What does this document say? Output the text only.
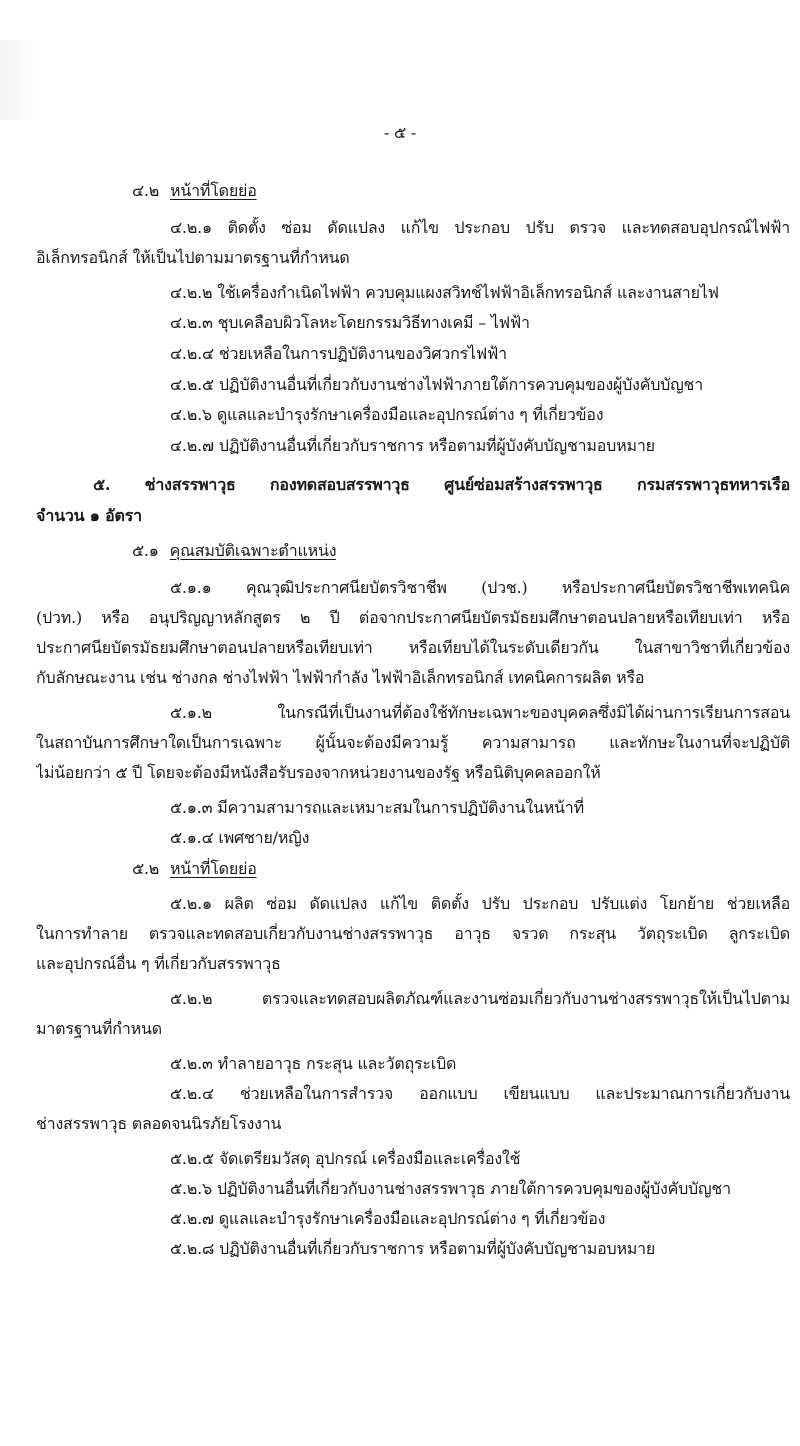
- ๕ -
๔.๒ หน้าที่โดยย่อ
๔.๒.๑ ติดตั้ง ซ่อม ดัดแปลง แก้ไข ประกอบ ปรับ ตรวจ และทดสอบอุปกรณ์ไฟฟ้า
อิเล็กทรอนิกส์ ให้เป็นไปตามมาตรฐานที่กำหนด
๔.๒.๒ ใช้เครื่องกำเนิดไฟฟ้า ควบคุมแผงสวิทช์ไฟฟ้าอิเล็กทรอนิกส์ และงานสายไฟ
๔.๒.๓ ชุบเคลือบผิวโลหะโดยกรรมวิธีทางเคมี – ไฟฟ้า
๔.๒.๔ ช่วยเหลือในการปฏิบัติงานของวิศวกรไฟฟ้า
๔.๒.๕ ปฏิบัติงานอื่นที่เกี่ยวกับงานช่างไฟฟ้าภายใต้การควบคุมของผู้บังคับบัญชา
๔.๒.๖ ดูแลและบำรุงรักษาเครื่องมือและอุปกรณ์ต่าง ๆ ที่เกี่ยวข้อง
๔.๒.๗ ปฏิบัติงานอื่นที่เกี่ยวกับราชการ หรือตามที่ผู้บังคับบัญชามอบหมาย
๕. ช่างสรรพาวุธ กองทดสอบสรรพาวุธ ศูนย์ซ่อมสร้างสรรพาวุธ กรมสรรพาวุธทหารเรือ
จำนวน ๑ อัตรา
๕.๑ คุณสมบัติเฉพาะตำแหน่ง
๕.๑.๑ คุณวุฒิประกาศนียบัตรวิชาชีพ (ปวช.) หรือประกาศนียบัตรวิชาชีพเทคนิค
(ปวท.) หรือ อนุปริญญาหลักสูตร ๒ ปี ต่อจากประกาศนียบัตรมัธยมศึกษาตอนปลายหรือเทียบเท่า หรือ
ประกาศนียบัตรมัธยมศึกษาตอนปลายหรือเทียบเท่า หรือเทียบได้ในระดับเดียวกัน ในสาขาวิชาที่เกี่ยวข้อง
กับลักษณะงาน เช่น ช่างกล ช่างไฟฟ้า ไฟฟ้ากำลัง ไฟฟ้าอิเล็กทรอนิกส์ เทคนิคการผลิต หรือ
๕.๑.๒ ในกรณีที่เป็นงานที่ต้องใช้ทักษะเฉพาะของบุคคลซึ่งมิได้ผ่านการเรียนการสอน
ในสถาบันการศึกษาใดเป็นการเฉพาะ ผู้นั้นจะต้องมีความรู้ ความสามารถ และทักษะในงานที่จะปฏิบัติ
ไม่น้อยกว่า ๕ ปี โดยจะต้องมีหนังสือรับรองจากหน่วยงานของรัฐ หรือนิติบุคคลออกให้
๕.๑.๓ มีความสามารถและเหมาะสมในการปฏิบัติงานในหน้าที่
๕.๑.๔ เพศชาย/หญิง
๕.๒ หน้าที่โดยย่อ
๕.๒.๑ ผลิต ซ่อม ดัดแปลง แก้ไข ติดตั้ง ปรับ ประกอบ ปรับแต่ง โยกย้าย ช่วยเหลือ
ในการทำลาย ตรวจและทดสอบเกี่ยวกับงานช่างสรรพาวุธ อาวุธ จรวด กระสุน วัตถุระเบิด ลูกระเบิด
และอุปกรณ์อื่น ๆ ที่เกี่ยวกับสรรพาวุธ
๕.๒.๒ ตรวจและทดสอบผลิตภัณฑ์และงานซ่อมเกี่ยวกับงานช่างสรรพาวุธให้เป็นไปตาม
มาตรฐานที่กำหนด
๕.๒.๓ ทำลายอาวุธ กระสุน และวัตถุระเบิด
๕.๒.๔ ช่วยเหลือในการสำรวจ ออกแบบ เขียนแบบ และประมาณการเกี่ยวกับงาน
ช่างสรรพาวุธ ตลอดจนนิรภัยโรงงาน
๕.๒.๕ จัดเตรียมวัสดุ อุปกรณ์ เครื่องมือและเครื่องใช้
๕.๒.๖ ปฏิบัติงานอื่นที่เกี่ยวกับงานช่างสรรพาวุธ ภายใต้การควบคุมของผู้บังคับบัญชา
๕.๒.๗ ดูแลและบำรุงรักษาเครื่องมือและอุปกรณ์ต่าง ๆ ที่เกี่ยวข้อง
๕.๒.๘ ปฏิบัติงานอื่นที่เกี่ยวกับราชการ หรือตามที่ผู้บังคับบัญชามอบหมาย
